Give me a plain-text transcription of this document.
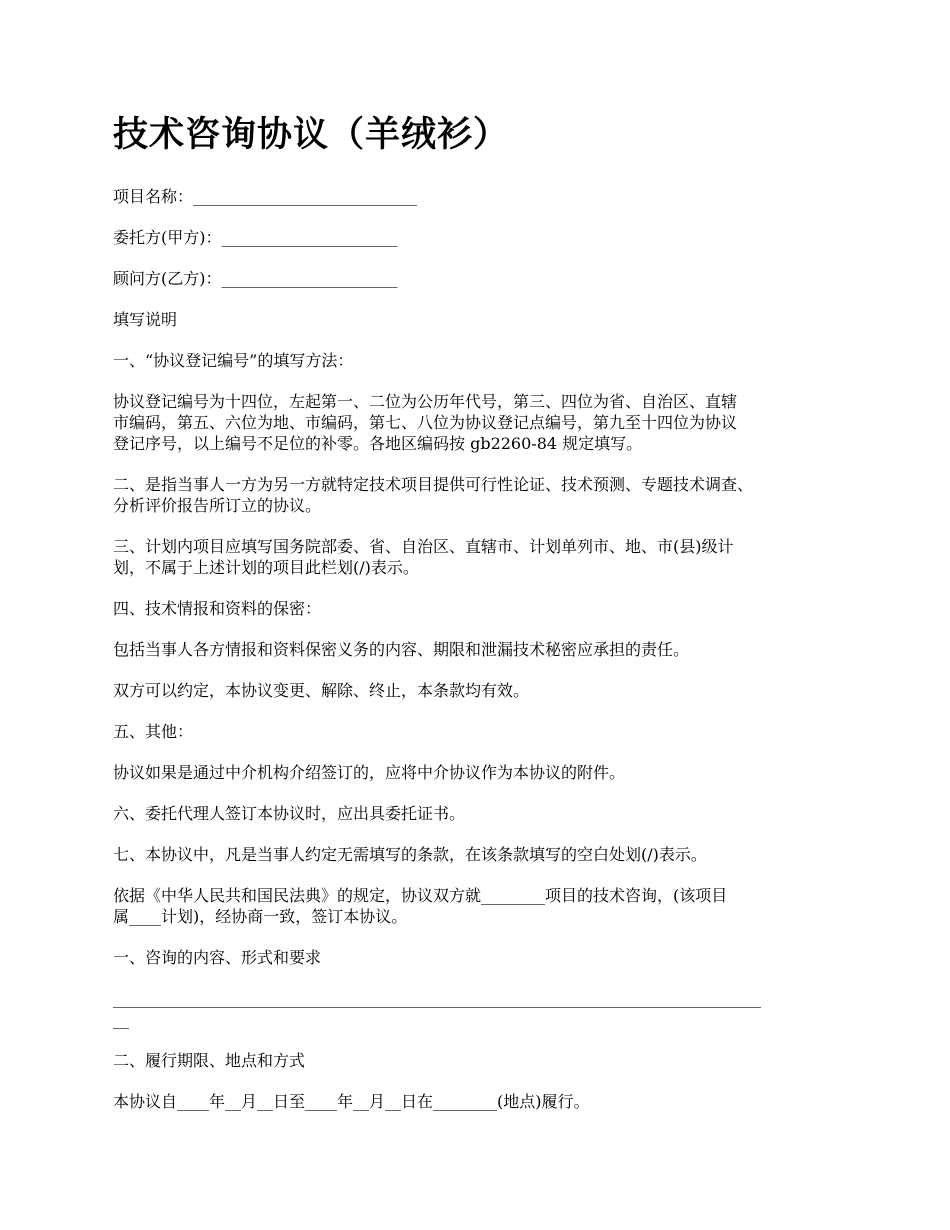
技术咨询协议（羊绒衫）
项目名称：____________________________
委托方(甲方)：______________________
顾问方(乙方)：______________________

填写说明

一、“协议登记编号”的填写方法：

协议登记编号为十四位，左起第一、二位为公历年代号，第三、四位为省、自治区、直辖
市编码，第五、六位为地、市编码，第七、八位为协议登记点编号，第九至十四位为协议
登记序号，以上编号不足位的补零。各地区编码按 gb2260-84 规定填写。

二、是指当事人一方为另一方就特定技术项目提供可行性论证、技术预测、专题技术调查、
分析评价报告所订立的协议。

三、计划内项目应填写国务院部委、省、自治区、直辖市、计划单列市、地、市(县)级计
划，不属于上述计划的项目此栏划(/)表示。

四、技术情报和资料的保密：

包括当事人各方情报和资料保密义务的内容、期限和泄漏技术秘密应承担的责任。

双方可以约定，本协议变更、解除、终止，本条款均有效。

五、其他：

协议如果是通过中介机构介绍签订的，应将中介协议作为本协议的附件。

六、委托代理人签订本协议时，应出具委托证书。

七、本协议中，凡是当事人约定无需填写的条款，在该条款填写的空白处划(/)表示。

依据《中华人民共和国民法典》的规定，协议双方就________项目的技术咨询，(该项目
属____计划)，经协商一致，签订本协议。

一、咨询的内容、形式和要求

_________________________________________________________________________________
__

二、履行期限、地点和方式

本协议自____年__月__日至____年__月__日在________(地点)履行。
